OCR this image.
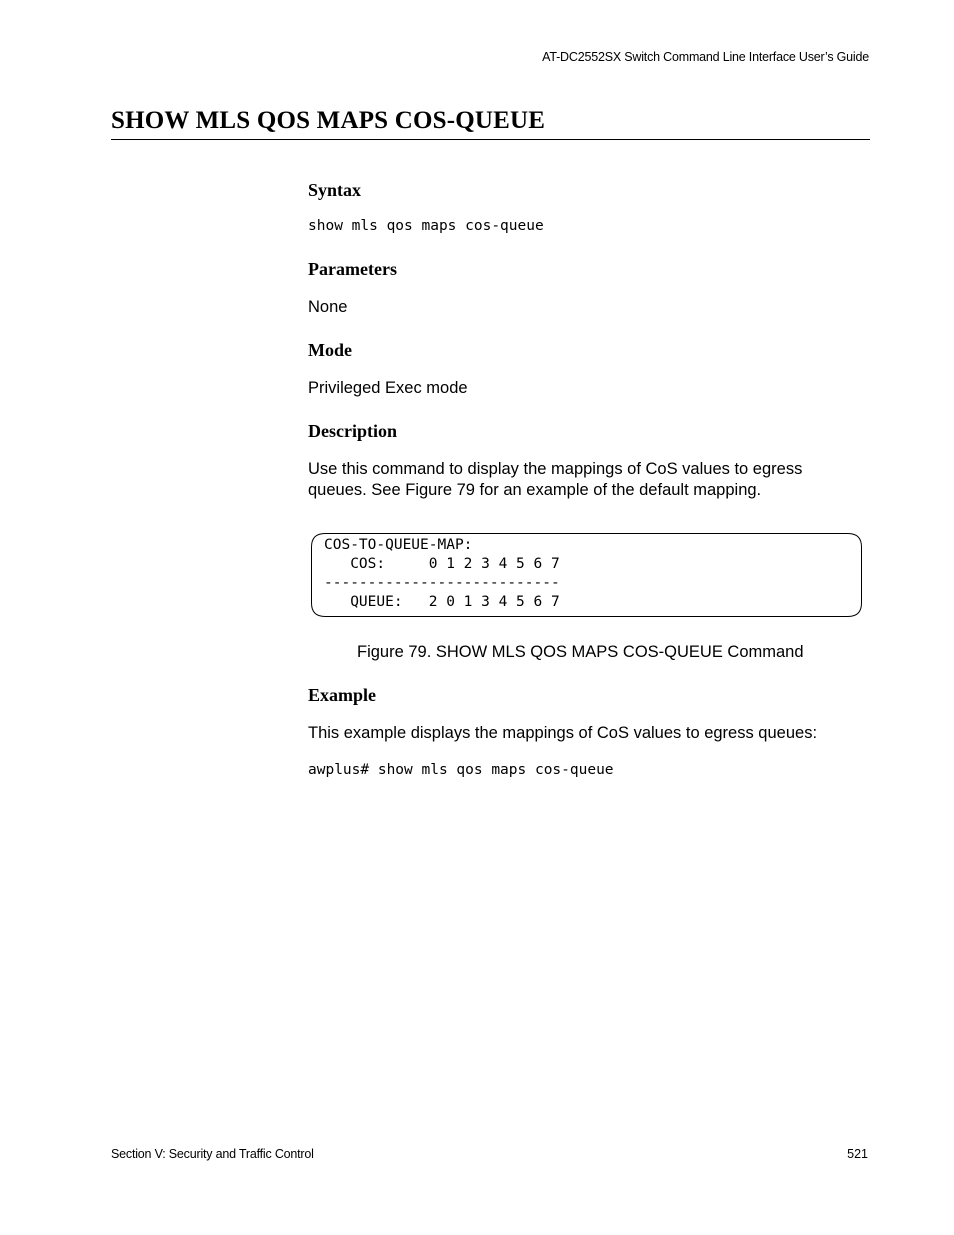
AT-DC2552SX Switch Command Line Interface User’s Guide
SHOW MLS QOS MAPS COS-QUEUE
Syntax
show mls qos maps cos-queue
Parameters
None
Mode
Privileged Exec mode
Description
Use this command to display the mappings of CoS values to egress
queues. See Figure 79 for an example of the default mapping.
COS-TO-QUEUE-MAP:
COS:     0 1 2 3 4 5 6 7
---------------------------
QUEUE:   2 0 1 3 4 5 6 7
Figure 79. SHOW MLS QOS MAPS COS-QUEUE Command
Example
This example displays the mappings of CoS values to egress queues:
awplus# show mls qos maps cos-queue
Section V: Security and Traffic Control	521
